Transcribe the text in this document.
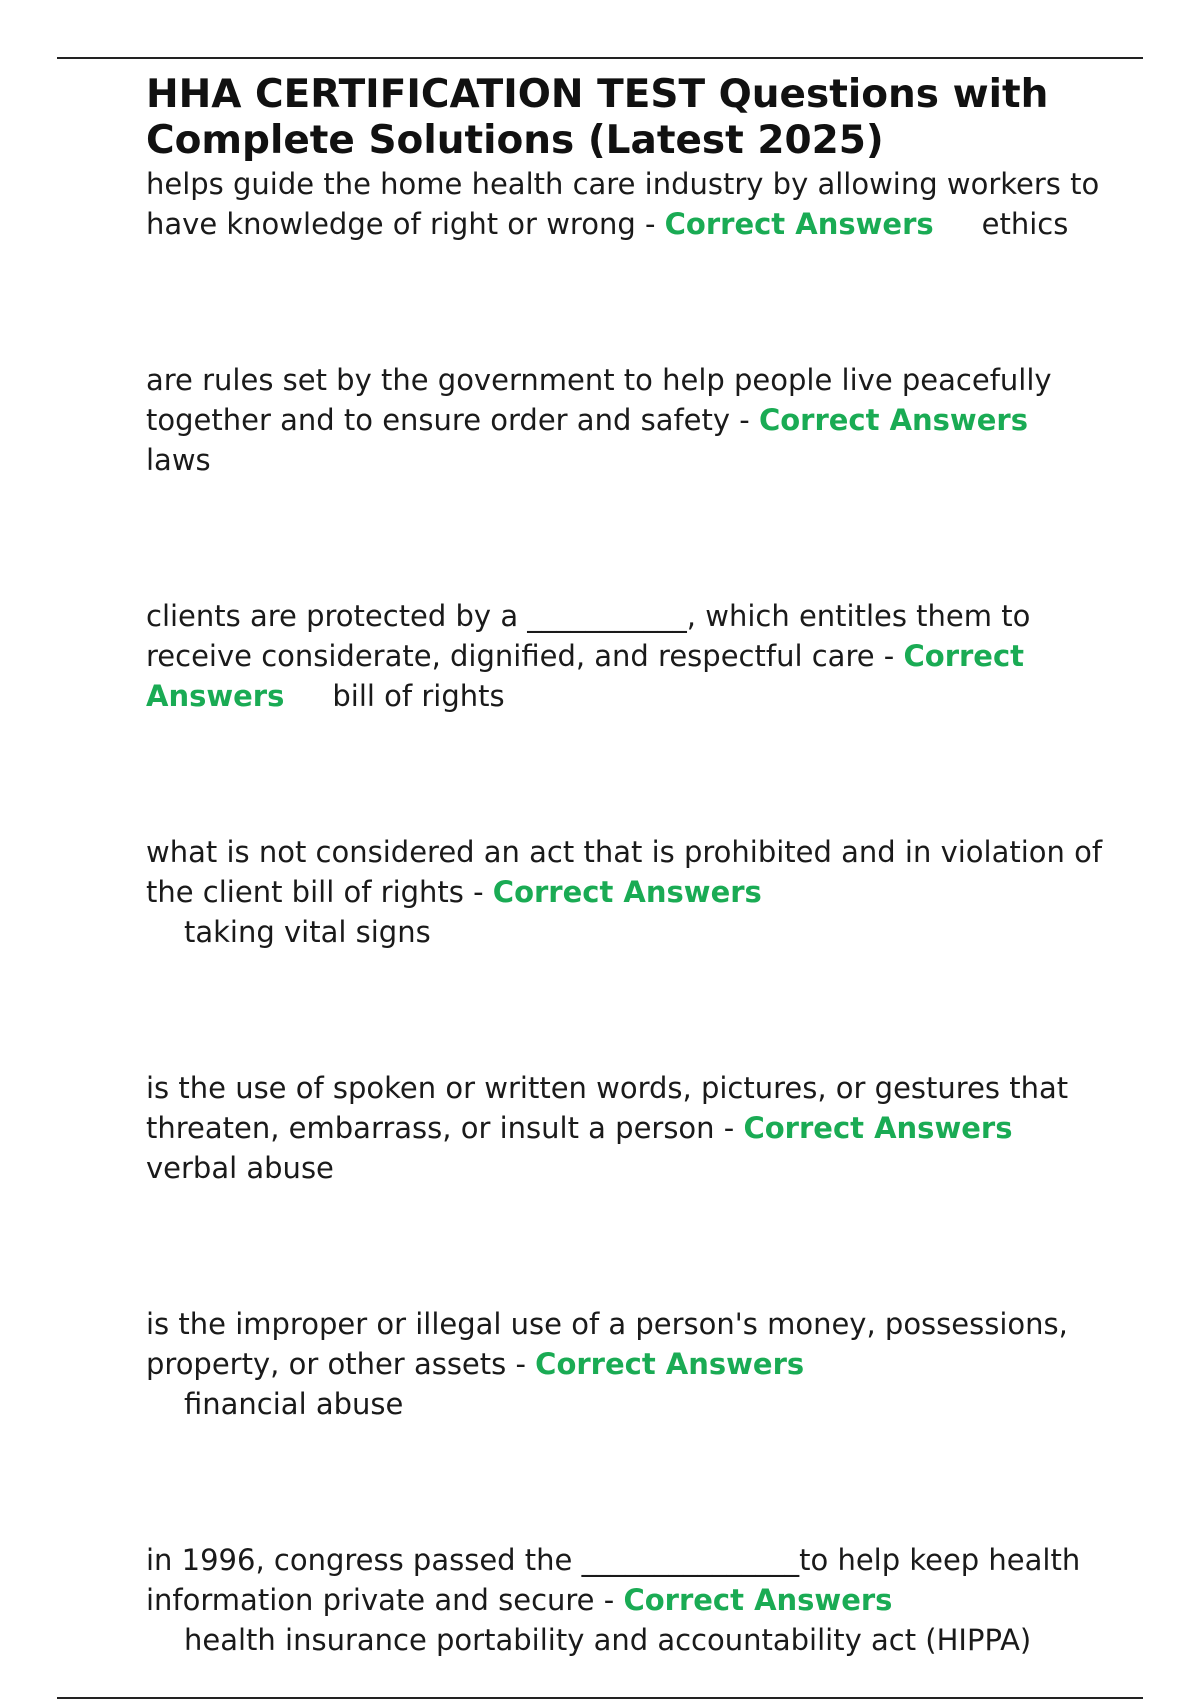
HHA CERTIFICATION TEST Questions with Complete Solutions (Latest 2025)

helps guide the home health care industry by allowing workers to have knowledge of right or wrong - Correct Answers ethics

are rules set by the government to help people live peacefully together and to ensure order and safety - Correct Answerslaws

clients are protected by a ___________, which entitles them to receive considerate, dignified, and respectful care - Correct Answers bill of rights

what is not considered an act that is prohibited and in violation of the client bill of rights - Correct Answers
taking vital signs

is the use of spoken or written words, pictures, or gestures that threaten, embarrass, or insult a person - Correct Answersverbal abuse

is the improper or illegal use of a person's money, possessions, property, or other assets - Correct Answers
financial abuse

in 1996, congress passed the _______________to help keep health information private and secure - Correct Answers
health insurance portability and accountability act (HIPPA)
